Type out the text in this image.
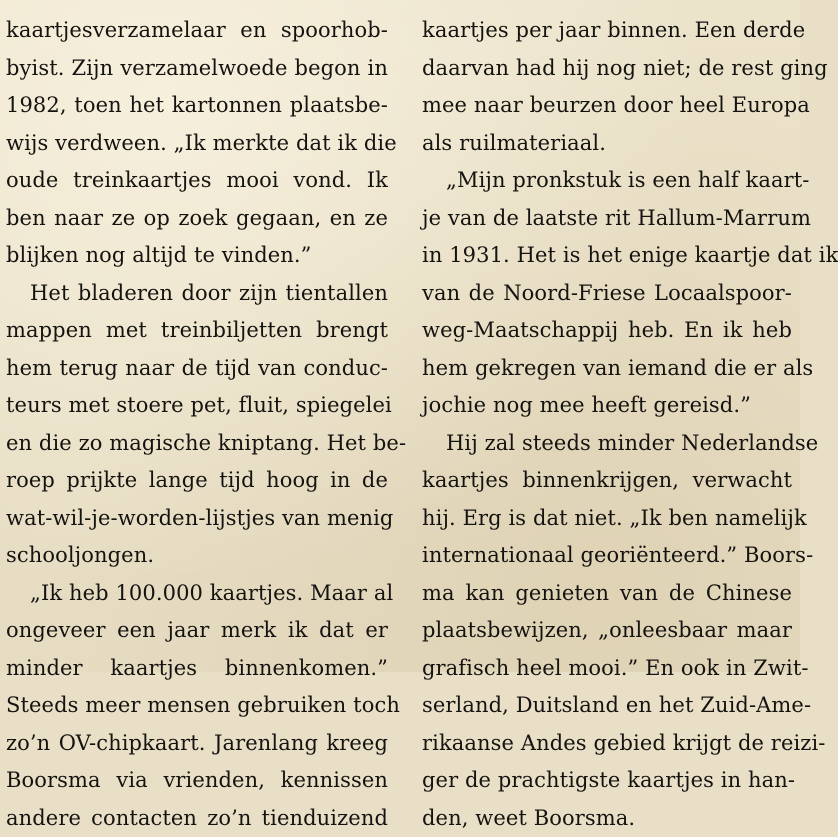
kaartjesverzamelaar en spoorhob-
byist. Zijn verzamelwoede begon in
1982, toen het kartonnen plaatsbe-
wijs verdween. „Ik merkte dat ik die
oude treinkaartjes mooi vond. Ik
ben naar ze op zoek gegaan, en ze
blijken nog altijd te vinden.”
Het bladeren door zijn tientallen
mappen met treinbiljetten brengt
hem terug naar de tijd van conduc-
teurs met stoere pet, fluit, spiegelei
en die zo magische kniptang. Het be-
roep prijkte lange tijd hoog in de
wat-wil-je-worden-lijstjes van menig
schooljongen.
„Ik heb 100.000 kaartjes. Maar al
ongeveer een jaar merk ik dat er
minder kaartjes binnenkomen.”
Steeds meer mensen gebruiken toch
zo’n OV-chipkaart. Jarenlang kreeg
Boorsma via vrienden, kennissen
andere contacten zo’n tienduizend
kaartjes per jaar binnen. Een derde
daarvan had hij nog niet; de rest ging
mee naar beurzen door heel Europa
als ruilmateriaal.
„Mijn pronkstuk is een half kaart-
je van de laatste rit Hallum-Marrum
in 1931. Het is het enige kaartje dat ik
van de Noord-Friese Locaalspoor-
weg-Maatschappij heb. En ik heb
hem gekregen van iemand die er als
jochie nog mee heeft gereisd.”
Hij zal steeds minder Nederlandse
kaartjes binnenkrijgen, verwacht
hij. Erg is dat niet. „Ik ben namelijk
internationaal georiënteerd.” Boors-
ma kan genieten van de Chinese
plaatsbewijzen, „onleesbaar maar
grafisch heel mooi.” En ook in Zwit-
serland, Duitsland en het Zuid-Ame-
rikaanse Andes gebied krijgt de reizi-
ger de prachtigste kaartjes in han-
den, weet Boorsma.
